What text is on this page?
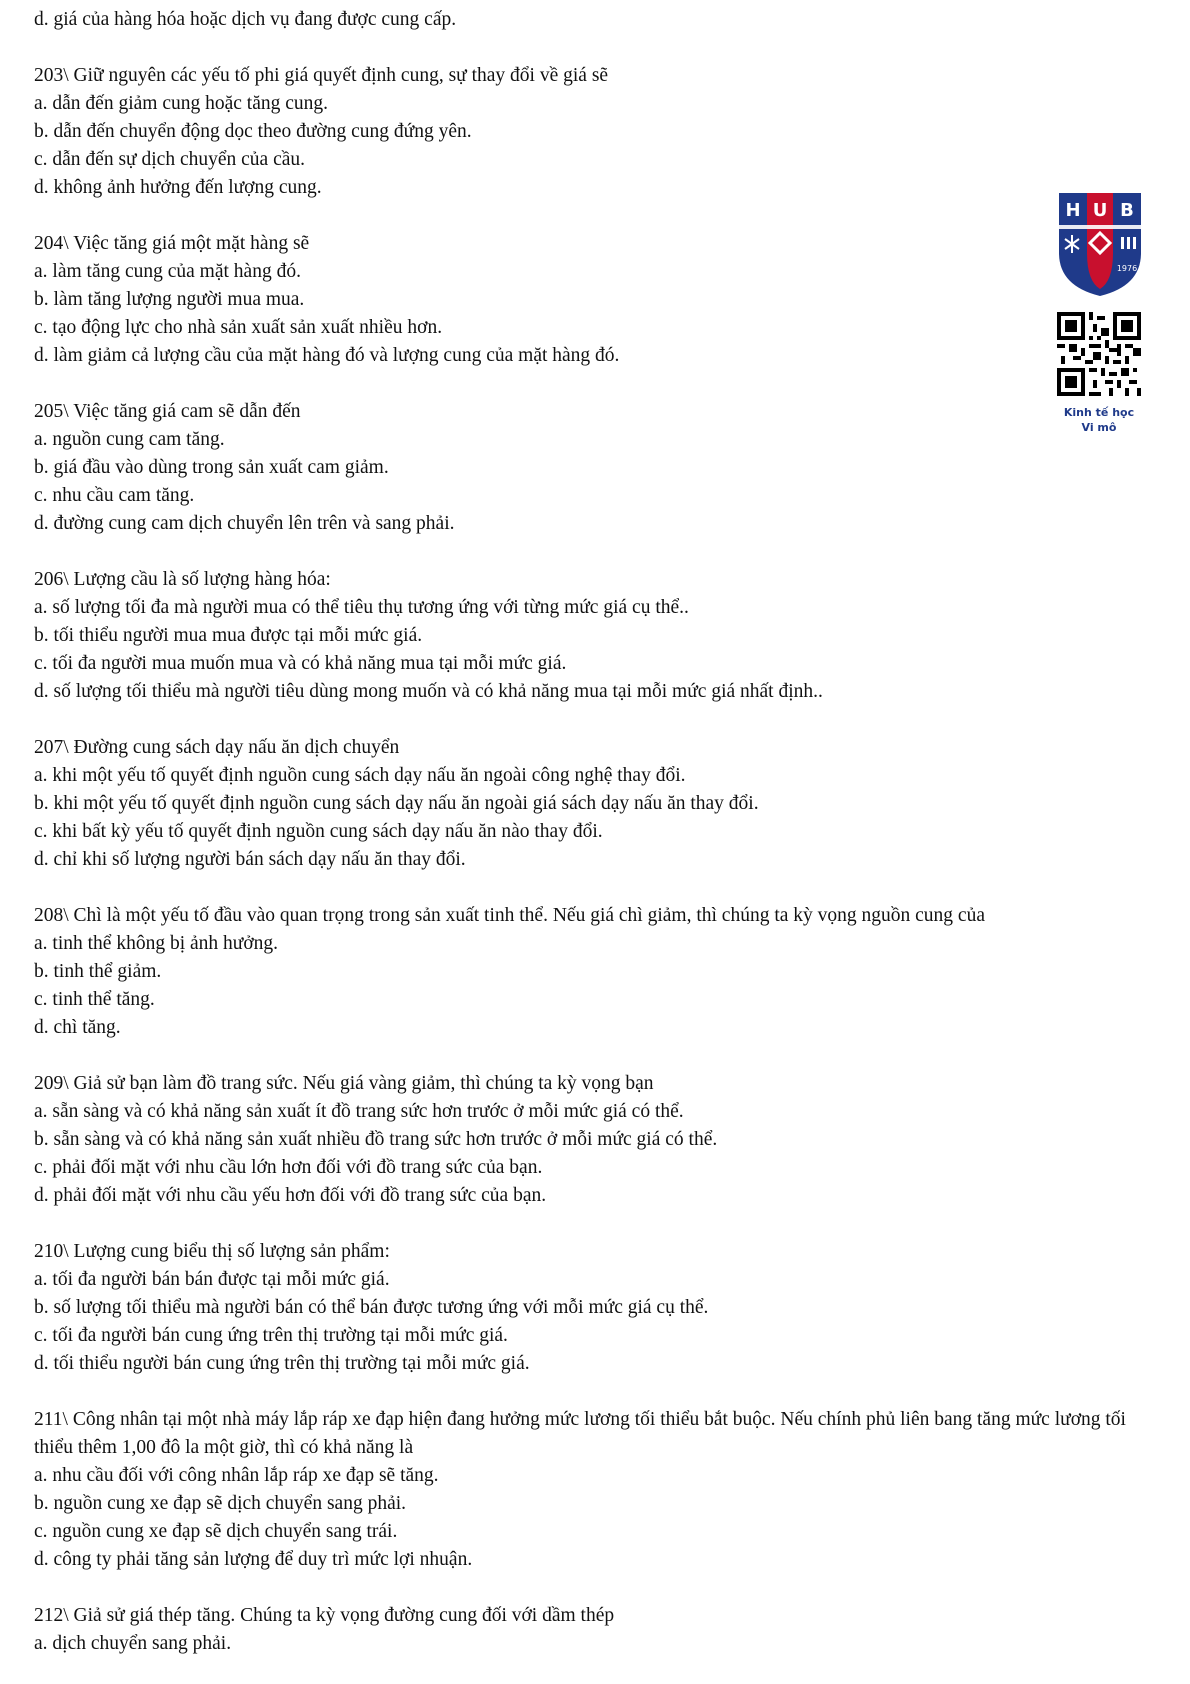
d. giá của hàng hóa hoặc dịch vụ đang được cung cấp.
203\ Giữ nguyên các yếu tố phi giá quyết định cung, sự thay đổi về giá sẽ
a. dẫn đến giảm cung hoặc tăng cung.
b. dẫn đến chuyển động dọc theo đường cung đứng yên.
c. dẫn đến sự dịch chuyển của cầu.
d. không ảnh hưởng đến lượng cung.
204\ Việc tăng giá một mặt hàng sẽ
a. làm tăng cung của mặt hàng đó.
b. làm tăng lượng người mua mua.
c. tạo động lực cho nhà sản xuất sản xuất nhiều hơn.
d. làm giảm cả lượng cầu của mặt hàng đó và lượng cung của mặt hàng đó.
205\ Việc tăng giá cam sẽ dẫn đến
a. nguồn cung cam tăng.
b. giá đầu vào dùng trong sản xuất cam giảm.
c. nhu cầu cam tăng.
d. đường cung cam dịch chuyển lên trên và sang phải.
206\ Lượng cầu là số lượng hàng hóa:
a. số lượng tối đa mà người mua có thể tiêu thụ tương ứng với từng mức giá cụ thể..
b. tối thiểu người mua mua được tại mỗi mức giá.
c. tối đa người mua muốn mua và có khả năng mua tại mỗi mức giá.
d. số lượng tối thiểu mà người tiêu dùng mong muốn và có khả năng mua tại mỗi mức giá nhất định..
207\ Đường cung sách dạy nấu ăn dịch chuyển
a. khi một yếu tố quyết định nguồn cung sách dạy nấu ăn ngoài công nghệ thay đổi.
b. khi một yếu tố quyết định nguồn cung sách dạy nấu ăn ngoài giá sách dạy nấu ăn thay đổi.
c. khi bất kỳ yếu tố quyết định nguồn cung sách dạy nấu ăn nào thay đổi.
d. chỉ khi số lượng người bán sách dạy nấu ăn thay đổi.
208\ Chì là một yếu tố đầu vào quan trọng trong sản xuất tinh thể. Nếu giá chì giảm, thì chúng ta kỳ vọng nguồn cung của
a. tinh thể không bị ảnh hưởng.
b. tinh thể giảm.
c. tinh thể tăng.
d. chì tăng.
209\ Giả sử bạn làm đồ trang sức. Nếu giá vàng giảm, thì chúng ta kỳ vọng bạn
a. sẵn sàng và có khả năng sản xuất ít đồ trang sức hơn trước ở mỗi mức giá có thể.
b. sẵn sàng và có khả năng sản xuất nhiều đồ trang sức hơn trước ở mỗi mức giá có thể.
c. phải đối mặt với nhu cầu lớn hơn đối với đồ trang sức của bạn.
d. phải đối mặt với nhu cầu yếu hơn đối với đồ trang sức của bạn.
210\ Lượng cung biểu thị số lượng sản phẩm:
a. tối đa người bán bán được tại mỗi mức giá.
b. số lượng tối thiểu mà người bán có thể bán được tương ứng với mỗi mức giá cụ thể.
c. tối đa người bán cung ứng trên thị trường tại mỗi mức giá.
d. tối thiểu người bán cung ứng trên thị trường tại mỗi mức giá.
211\ Công nhân tại một nhà máy lắp ráp xe đạp hiện đang hưởng mức lương tối thiểu bắt buộc. Nếu chính phủ liên bang tăng mức lương tối thiểu thêm 1,00 đô la một giờ, thì có khả năng là
a. nhu cầu đối với công nhân lắp ráp xe đạp sẽ tăng.
b. nguồn cung xe đạp sẽ dịch chuyển sang phải.
c. nguồn cung xe đạp sẽ dịch chuyển sang trái.
d. công ty phải tăng sản lượng để duy trì mức lợi nhuận.
212\ Giả sử giá thép tăng. Chúng ta kỳ vọng đường cung đối với dầm thép
a. dịch chuyển sang phải.
H U B
1976
Kinh tế học
Vi mô
